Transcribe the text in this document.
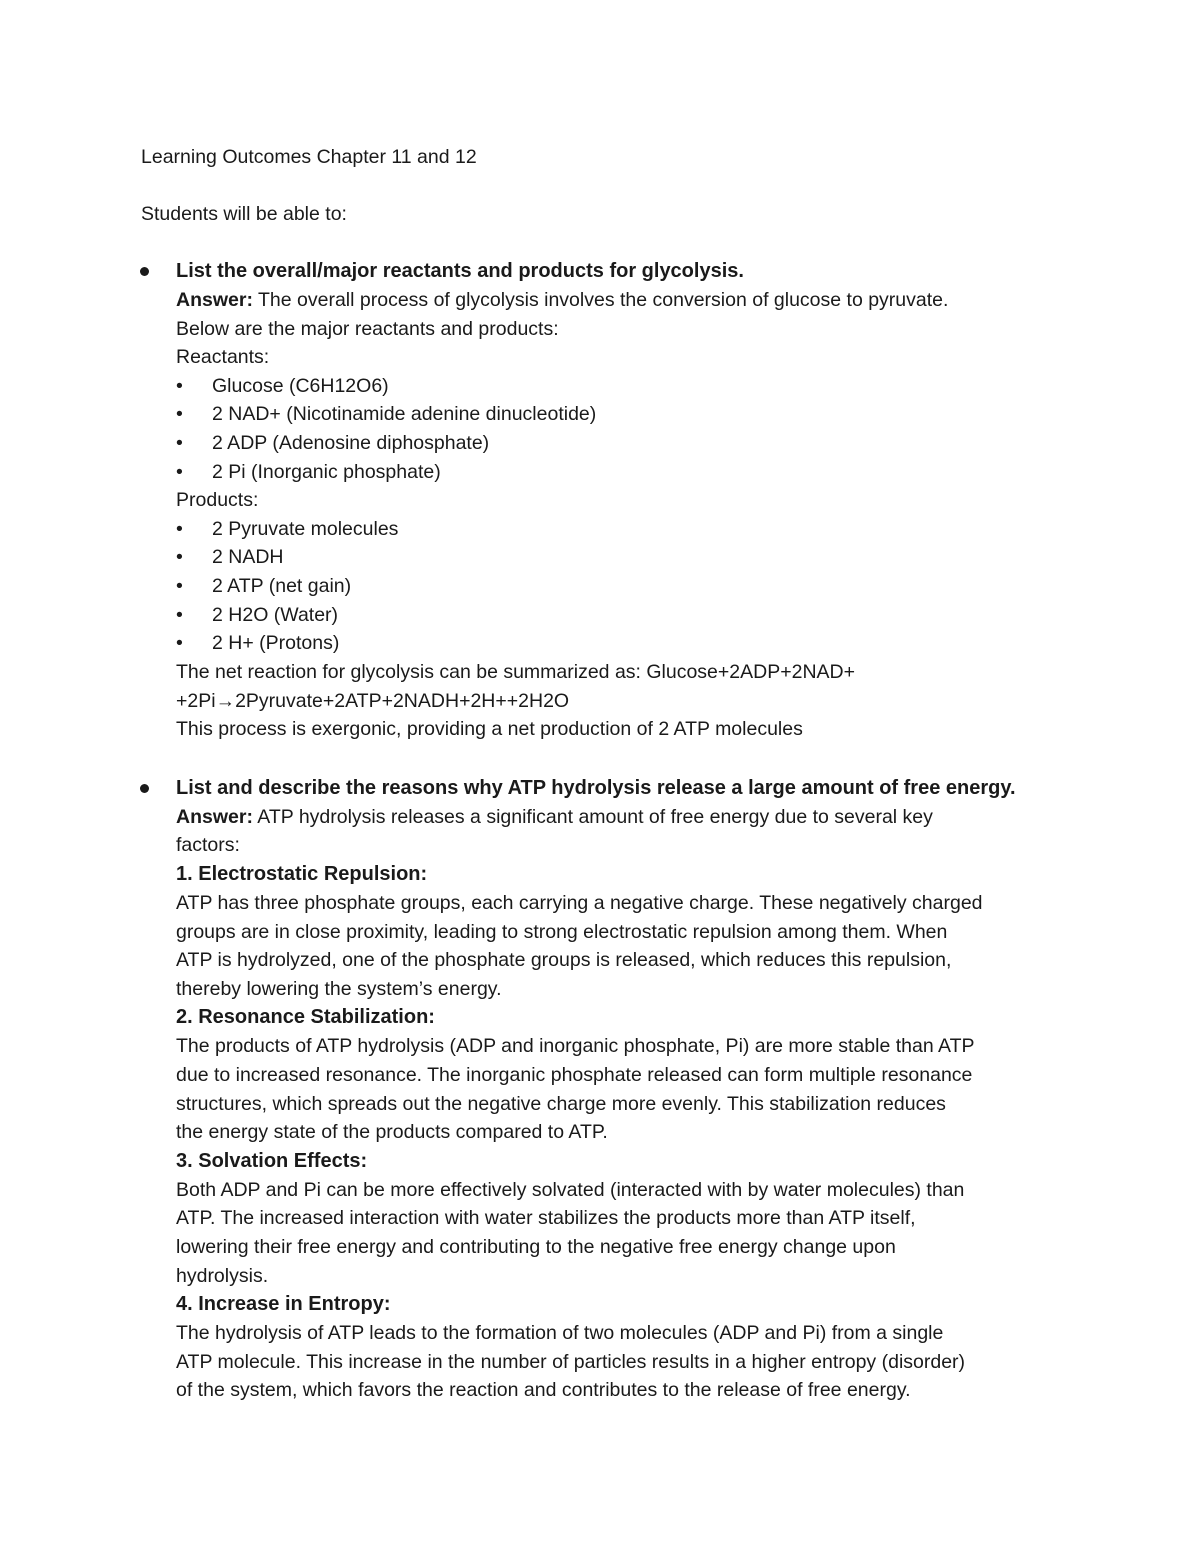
Learning Outcomes Chapter 11 and 12
Students will be able to:
List the overall/major reactants and products for glycolysis.
Answer: The overall process of glycolysis involves the conversion of glucose to pyruvate.
Below are the major reactants and products:
Reactants:
•Glucose (C6H12O6)
•2 NAD+ (Nicotinamide adenine dinucleotide)
•2 ADP (Adenosine diphosphate)
•2 Pi (Inorganic phosphate)
Products:
•2 Pyruvate molecules
•2 NADH
•2 ATP (net gain)
•2 H2O (Water)
•2 H+ (Protons)
The net reaction for glycolysis can be summarized as: Glucose+2ADP+2NAD+
+2Pi→2Pyruvate+2ATP+2NADH+2H++2H2O
This process is exergonic, providing a net production of 2 ATP molecules
List and describe the reasons why ATP hydrolysis release a large amount of free energy.
Answer: ATP hydrolysis releases a significant amount of free energy due to several key
factors:
1. Electrostatic Repulsion:
ATP has three phosphate groups, each carrying a negative charge. These negatively charged
groups are in close proximity, leading to strong electrostatic repulsion among them. When
ATP is hydrolyzed, one of the phosphate groups is released, which reduces this repulsion,
thereby lowering the system’s energy.
2. Resonance Stabilization:
The products of ATP hydrolysis (ADP and inorganic phosphate, Pi) are more stable than ATP
due to increased resonance. The inorganic phosphate released can form multiple resonance
structures, which spreads out the negative charge more evenly. This stabilization reduces
the energy state of the products compared to ATP.
3. Solvation Effects:
Both ADP and Pi can be more effectively solvated (interacted with by water molecules) than
ATP. The increased interaction with water stabilizes the products more than ATP itself,
lowering their free energy and contributing to the negative free energy change upon
hydrolysis.
4. Increase in Entropy:
The hydrolysis of ATP leads to the formation of two molecules (ADP and Pi) from a single
ATP molecule. This increase in the number of particles results in a higher entropy (disorder)
of the system, which favors the reaction and contributes to the release of free energy.
